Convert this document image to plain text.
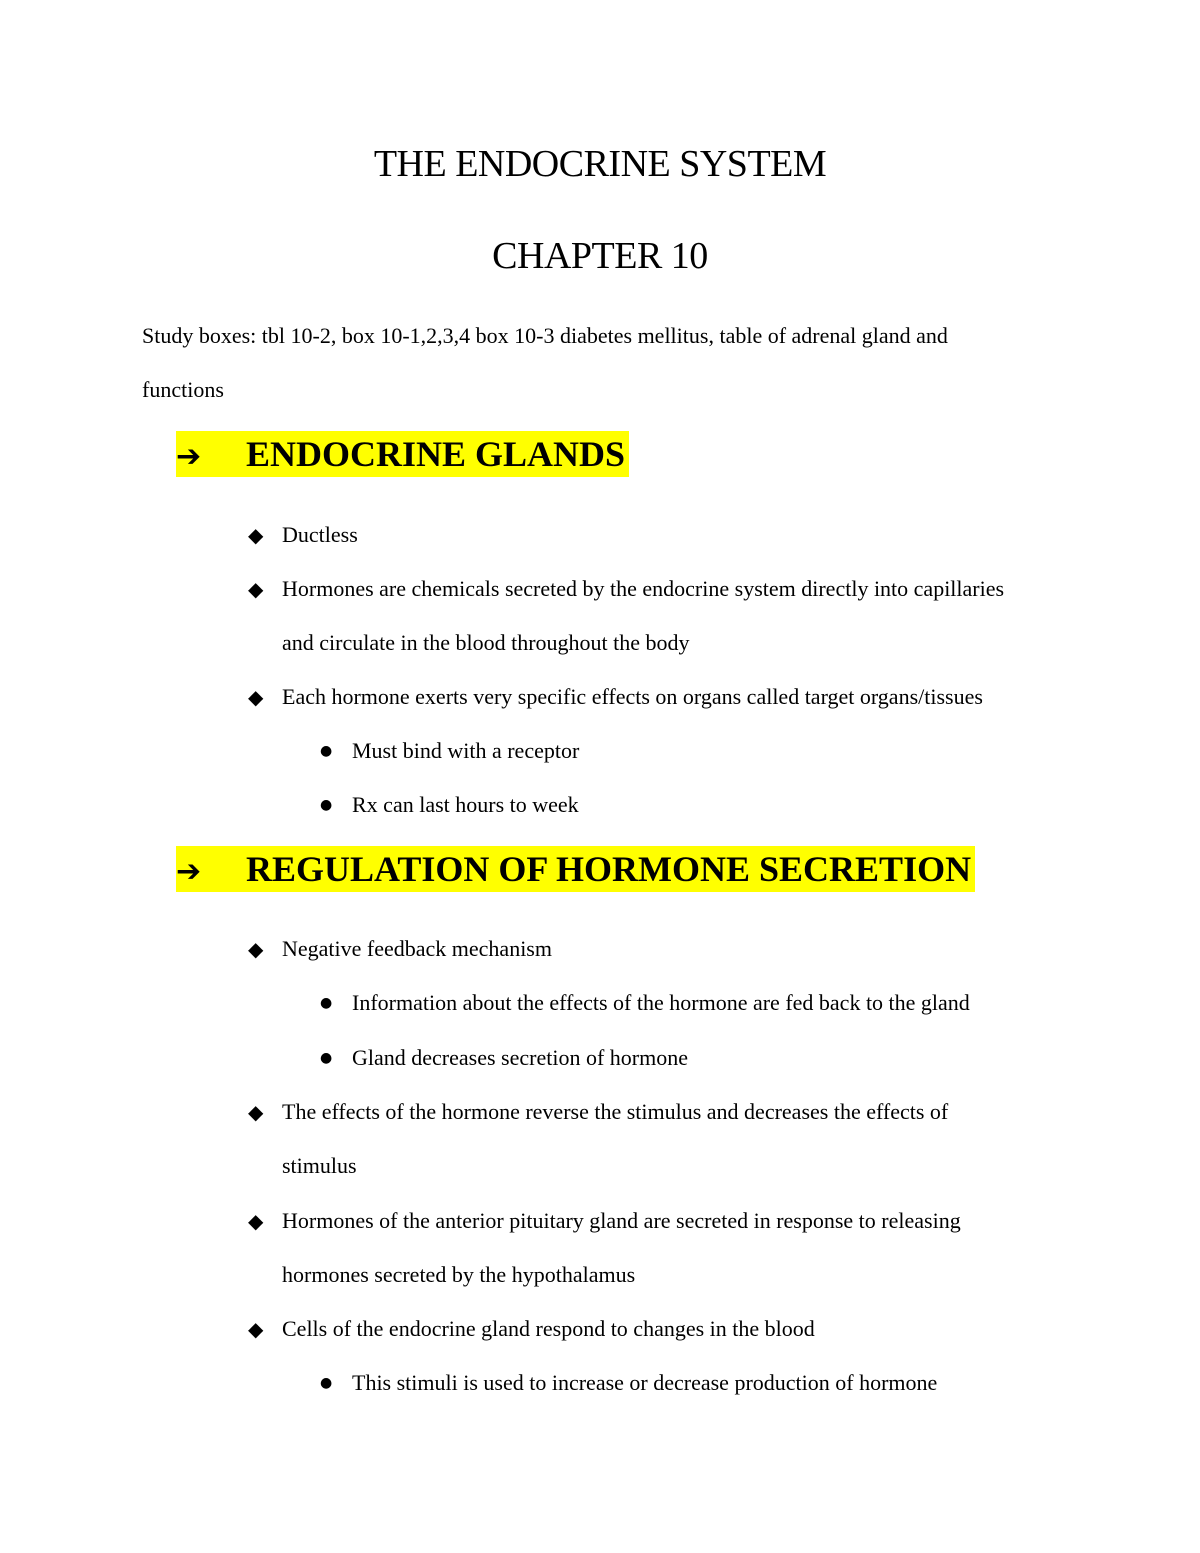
THE ENDOCRINE SYSTEM
CHAPTER 10
Study boxes: tbl 10-2, box 10-1,2,3,4 box 10-3 diabetes mellitus, table of adrenal gland and
functions
➔ ENDOCRINE GLANDS
◆ Ductless
◆ Hormones are chemicals secreted by the endocrine system directly into capillaries
and circulate in the blood throughout the body
◆ Each hormone exerts very specific effects on organs called target organs/tissues
● Must bind with a receptor
● Rx can last hours to week
➔ REGULATION OF HORMONE SECRETION
◆ Negative feedback mechanism
● Information about the effects of the hormone are fed back to the gland
● Gland decreases secretion of hormone
◆ The effects of the hormone reverse the stimulus and decreases the effects of
stimulus
◆ Hormones of the anterior pituitary gland are secreted in response to releasing
hormones secreted by the hypothalamus
◆ Cells of the endocrine gland respond to changes in the blood
● This stimuli is used to increase or decrease production of hormone
